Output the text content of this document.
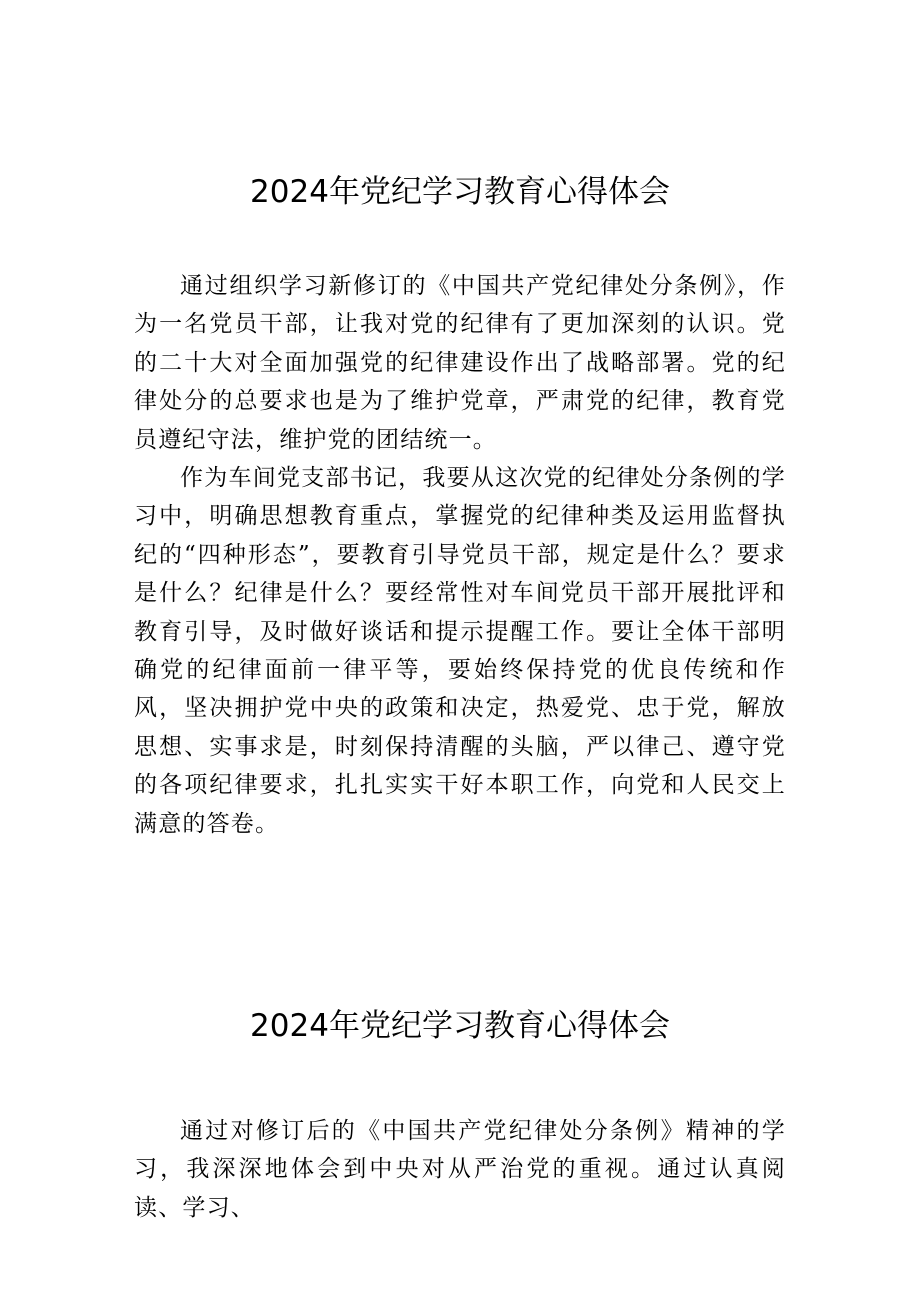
2024年党纪学习教育心得体会

通过组织学习新修订的《中国共产党纪律处分条例》，作为一名党员干部，让我对党的纪律有了更加深刻的认识。党的二十大对全面加强党的纪律建设作出了战略部署。党的纪律处分的总要求也是为了维护党章，严肃党的纪律，教育党员遵纪守法，维护党的团结统一。

作为车间党支部书记，我要从这次党的纪律处分条例的学习中，明确思想教育重点，掌握党的纪律种类及运用监督执纪的“四种形态”，要教育引导党员干部，规定是什么？要求是什么？纪律是什么？要经常性对车间党员干部开展批评和教育引导，及时做好谈话和提示提醒工作。要让全体干部明确党的纪律面前一律平等，要始终保持党的优良传统和作风，坚决拥护党中央的政策和决定，热爱党、忠于党，解放思想、实事求是，时刻保持清醒的头脑，严以律己、遵守党的各项纪律要求，扎扎实实干好本职工作，向党和人民交上满意的答卷。

2024年党纪学习教育心得体会

通过对修订后的《中国共产党纪律处分条例》精神的学习，我深深地体会到中央对从严治党的重视。通过认真阅读、学习、
